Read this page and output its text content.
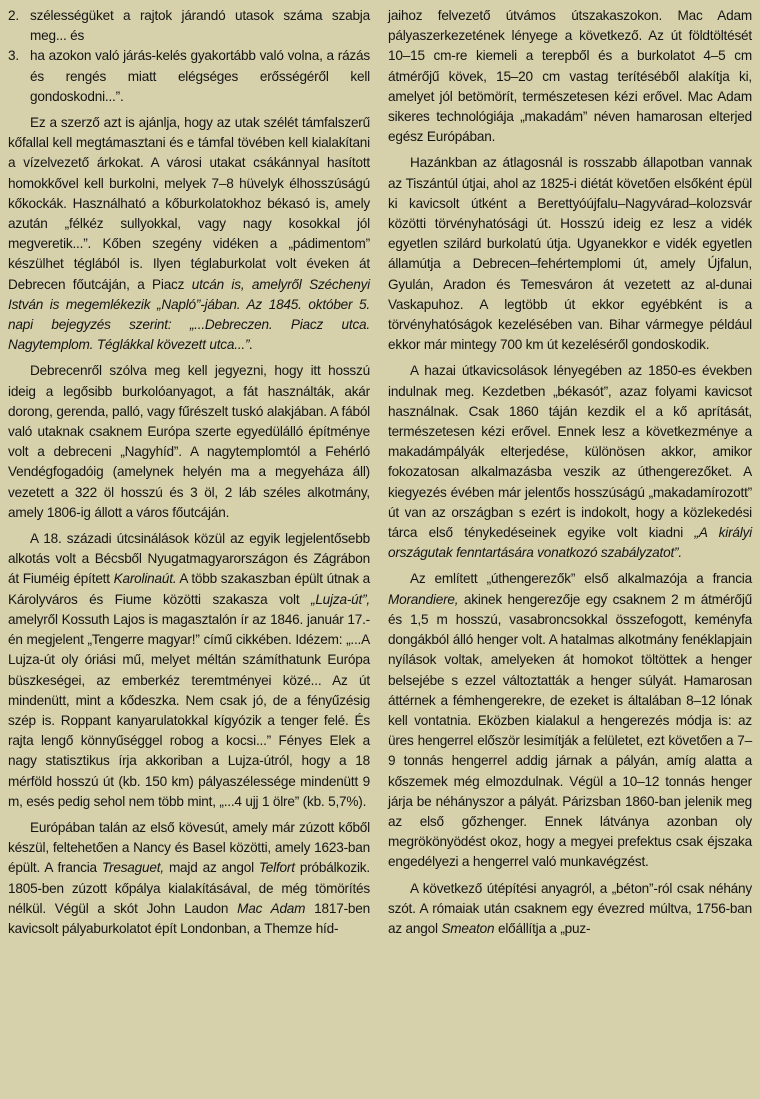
2. szélességüket a rajtok járandó utasok száma szabja meg... és
3. ha azokon való járás-kelés gyakortább való volna, a rázás és rengés miatt elégséges erősségéről kell gondoskodni...”.

Ez a szerző azt is ajánlja, hogy az utak szélét támfalszerű kőfallal kell megtámasztani és e támfal tövében kell kialakítani a vízelvezető árkokat. A városi utakat csákánnyal hasított homokkővel kell burkolni, melyek 7–8 hüvelyk élhosszúságú kőkockák. Használható a kőburkolatokhoz békasó is, amely azután „félkéz sullyokkal, vagy nagy kosokkal jól megveretik...”. Kőben szegény vidéken a „pádimentom” készülhet téglából is. Ilyen téglaburkolat volt éveken át Debrecen főutcáján, a Piacz utcán is, amelyről Széchenyi István is megemlékezik „Napló”-jában. Az 1845. október 5. napi bejegyzés szerint: „...Debreczen. Piacz utca. Nagytemplom. Téglákkal kövezett utca...”.

Debrecenről szólva meg kell jegyezni, hogy itt hosszú ideig a legősibb burkolóanyagot, a fát használták, akár dorong, gerenda, palló, vagy fűrészelt tuskó alakjában. A fából való utaknak csaknem Európa szerte egyedülálló építménye volt a debreceni „Nagyhíd”. A nagytemplomtól a Fehérló Vendégfogadóig (amelynek helyén ma a megyeháza áll) vezetett a 322 öl hosszú és 3 öl, 2 láb széles alkotmány, amely 1806-ig állott a város főutcáján.

A 18. századi útcsinálások közül az egyik legjelentősebb alkotás volt a Bécsből Nyugatmagyarországon és Zágrábon át Fiuméig épített Karolinaút. A több szakaszban épült útnak a Károlyváros és Fiume közötti szakasza volt „Lujza-út”, amelyről Kossuth Lajos is magasztalón ír az 1846. január 17.-én megjelent „Tengerre magyar!” című cikkében. Idézem: „...A Lujza-út oly óriási mű, melyet méltán számíthatunk Európa büszkeségei, az emberkéz teremtményei közé... Az út mindenütt, mint a kődeszka. Nem csak jó, de a fényűzésig szép is. Roppant kanyarulatokkal kígyózik a tenger felé. És rajta lengő könnyűséggel robog a kocsi...” Fényes Elek a nagy statisztikus írja akkoriban a Lujza-útról, hogy a 18 mérföld hosszú út (kb. 150 km) pályaszélessége mindenütt 9 m, esés pedig sehol nem több mint, „...4 ujj 1 ölre” (kb. 5,7%).

Európában talán az első kövesút, amely már zúzott kőből készül, feltehetően a Nancy és Basel közötti, amely 1623-ban épült. A francia Tresaguet, majd az angol Telfort próbálkozik. 1805-ben zúzott kőpálya kialakításával, de még tömörítés nélkül. Végül a skót John Laudon Mac Adam 1817-ben kavicsolt pályaburkolatot épít Londonban, a Themze híd-

jaihoz felvezető útvámos útszakaszokon. Mac Adam pályaszerkezetének lényege a következő. Az út földtöltését 10–15 cm-re kiemeli a terepből és a burkolatot 4–5 cm átmérőjű kövek, 15–20 cm vastag terítéséből alakítja ki, amelyet jól betömörít, természetesen kézi erővel. Mac Adam sikeres technológiája „makadám” néven hamarosan elterjed egész Európában.

Hazánkban az átlagosnál is rosszabb állapotban vannak az Tiszántúl útjai, ahol az 1825-i diétát követően elsőként épül ki kavicsolt útként a Berettyóújfalu–Nagyvárad–kolozsvár közötti törvényhatósági út. Hosszú ideig ez lesz a vidék egyetlen szilárd burkolatú útja. Ugyanekkor e vidék egyetlen államútja a Debrecen–fehértemplomi út, amely Újfalun, Gyulán, Aradon és Temesváron át vezetett az al-dunai Vaskapuhoz. A legtöbb út ekkor egyébként is a törvényhatóságok kezelésében van. Bihar vármegye például ekkor már mintegy 700 km út kezeléséről gondoskodik.

A hazai útkavicsolások lényegében az 1850-es években indulnak meg. Kezdetben „békasót”, azaz folyami kavicsot használnak. Csak 1860 táján kezdik el a kő aprítását, természetesen kézi erővel. Ennek lesz a következménye a makadámpályák elterjedése, különösen akkor, amikor fokozatosan alkalmazásba veszik az úthengerezőket. A kiegyezés évében már jelentős hosszúságú „makadamírozott” út van az országban s ezért is indokolt, hogy a közlekedési tárca első ténykedéseinek egyike volt kiadni „A királyi országutak fenntartására vonatkozó szabályzatot”.

Az említett „úthengerezők” első alkalmazója a francia Morandiere, akinek hengerezője egy csaknem 2 m átmérőjű és 1,5 m hosszú, vasabroncsokkal összefogott, keményfa dongákból álló henger volt. A hatalmas alkotmány fenéklapjain nyílások voltak, amelyeken át homokot töltöttek a henger belsejébe s ezzel változtatták a henger súlyát. Hamarosan áttérnek a fémhengerekre, de ezeket is általában 8–12 lónak kell vontatnia. Eközben kialakul a hengerezés módja is: az üres hengerrel először lesimítják a felületet, ezt követően a 7–9 tonnás hengerrel addig járnak a pályán, amíg alatta a kőszemek még elmozdulnak. Végül a 10–12 tonnás henger járja be néhányszor a pályát. Párizsban 1860-ban jelenik meg az első gőzhenger. Ennek látványa azonban oly megrökönyödést okoz, hogy a megyei prefektus csak éjszaka engedélyezi a hengerrel való munkavégzést.

A következő útépítési anyagról, a „béton”-ról csak néhány szót. A rómaiak után csaknem egy évezred múltva, 1756-ban az angol Smeaton előállítja a „puz-
